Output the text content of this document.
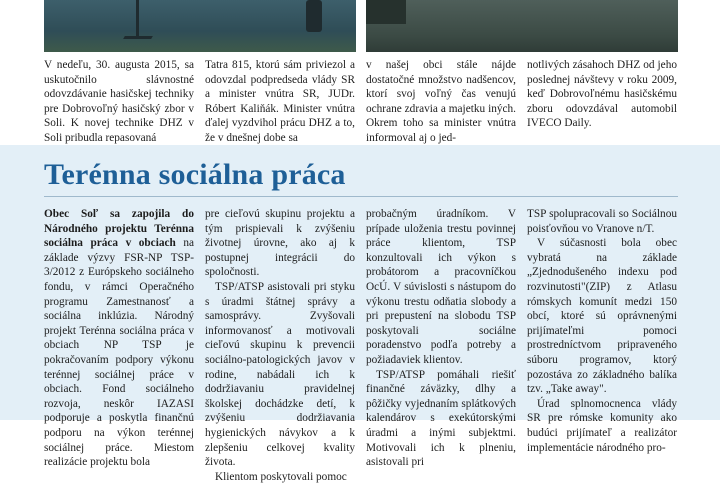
V nedeľu, 30. augusta 2015, sa uskutočnilo slávnostné odovzdávanie hasičskej techniky pre Dobrovoľný hasičský zbor v Soli. K novej technike DHZ v Soli pribudla repasovaná

Tatra 815, ktorú sám priviezol a odovzdal podpredseda vlády SR a minister vnútra SR, JUDr. Róbert Kaliňák. Minister vnútra ďalej vyzdvihol prácu DHZ a to, že v dnešnej dobe sa

v našej obci stále nájde dostatočné množstvo nadšencov, ktorí svoj voľný čas venujú ochrane zdravia a majetku iných. Okrem toho sa minister vnútra informoval aj o jed-

notlivých zásahoch DHZ od jeho poslednej návštevy v roku 2009, keď Dobrovoľnému hasičskému zboru odovzdával automobil IVECO Daily.

Terénna sociálna práca

Obec Soľ sa zapojila do Národného projektu Terénna sociálna práca v obciach na základe výzvy FSR-NP TSP-3/2012 z Európskeho sociálneho fondu, v rámci Operačného programu Zamestnanosť a sociálna inklúzia. Národný projekt Terénna sociálna práca v obciach NP TSP je pokračovaním podpory výkonu terénnej sociálnej práce v obciach. Fond sociálneho rozvoja, neskôr IAZASI podporuje a poskytla finančnú podporu na výkon terénnej sociálnej práce. Miestom realizácie projektu bola

pre cieľovú skupinu projektu a tým prispievali k zvýšeniu životnej úrovne, ako aj k postupnej integrácii do spoločnosti.

TSP/ATSP asistovali pri styku s úradmi štátnej správy a samosprávy. Zvyšovali informovanosť a motivovali cieľovú skupinu k prevencii sociálno-patologických javov v rodine, nabádali ich k dodržiavaniu pravidelnej školskej dochádzke detí, k zvýšeniu dodržiavania hygienických návykov a k zlepšeniu celkovej kvality života.

Klientom poskytovali pomoc

probačným úradníkom. V prípade uloženia trestu povinnej práce klientom, TSP konzultovali ich výkon s probátorom a pracovníčkou OcÚ. V súvislosti s nástupom do výkonu trestu odňatia slobody a pri prepustení na slobodu TSP poskytovali sociálne poradenstvo podľa potreby a požiadaviek klientov.

TSP/ATSP pomáhali riešiť finančné záväzky, dlhy a pôžičky vyjednaním splátkových kalendárov s exekútorskými úradmi a inými subjektmi. Motivovali ich k plneniu, asistovali pri

TSP spolupracovali so Sociálnou poisťovňou vo Vranove n/T.

V súčasnosti bola obec vybratá na základe „Zjednodušeného indexu pod rozvinutosti"(ZIP) z Atlasu rómskych komunít medzi 150 obcí, ktoré sú oprávnenými prijímateľmi pomoci prostredníctvom pripraveného súboru programov, ktorý pozostáva zo základného balíka tzv. „Take away".

Úrad splnomocnenca vlády SR pre rómske komunity ako budúci prijímateľ a realizátor implementácie národného pro-
